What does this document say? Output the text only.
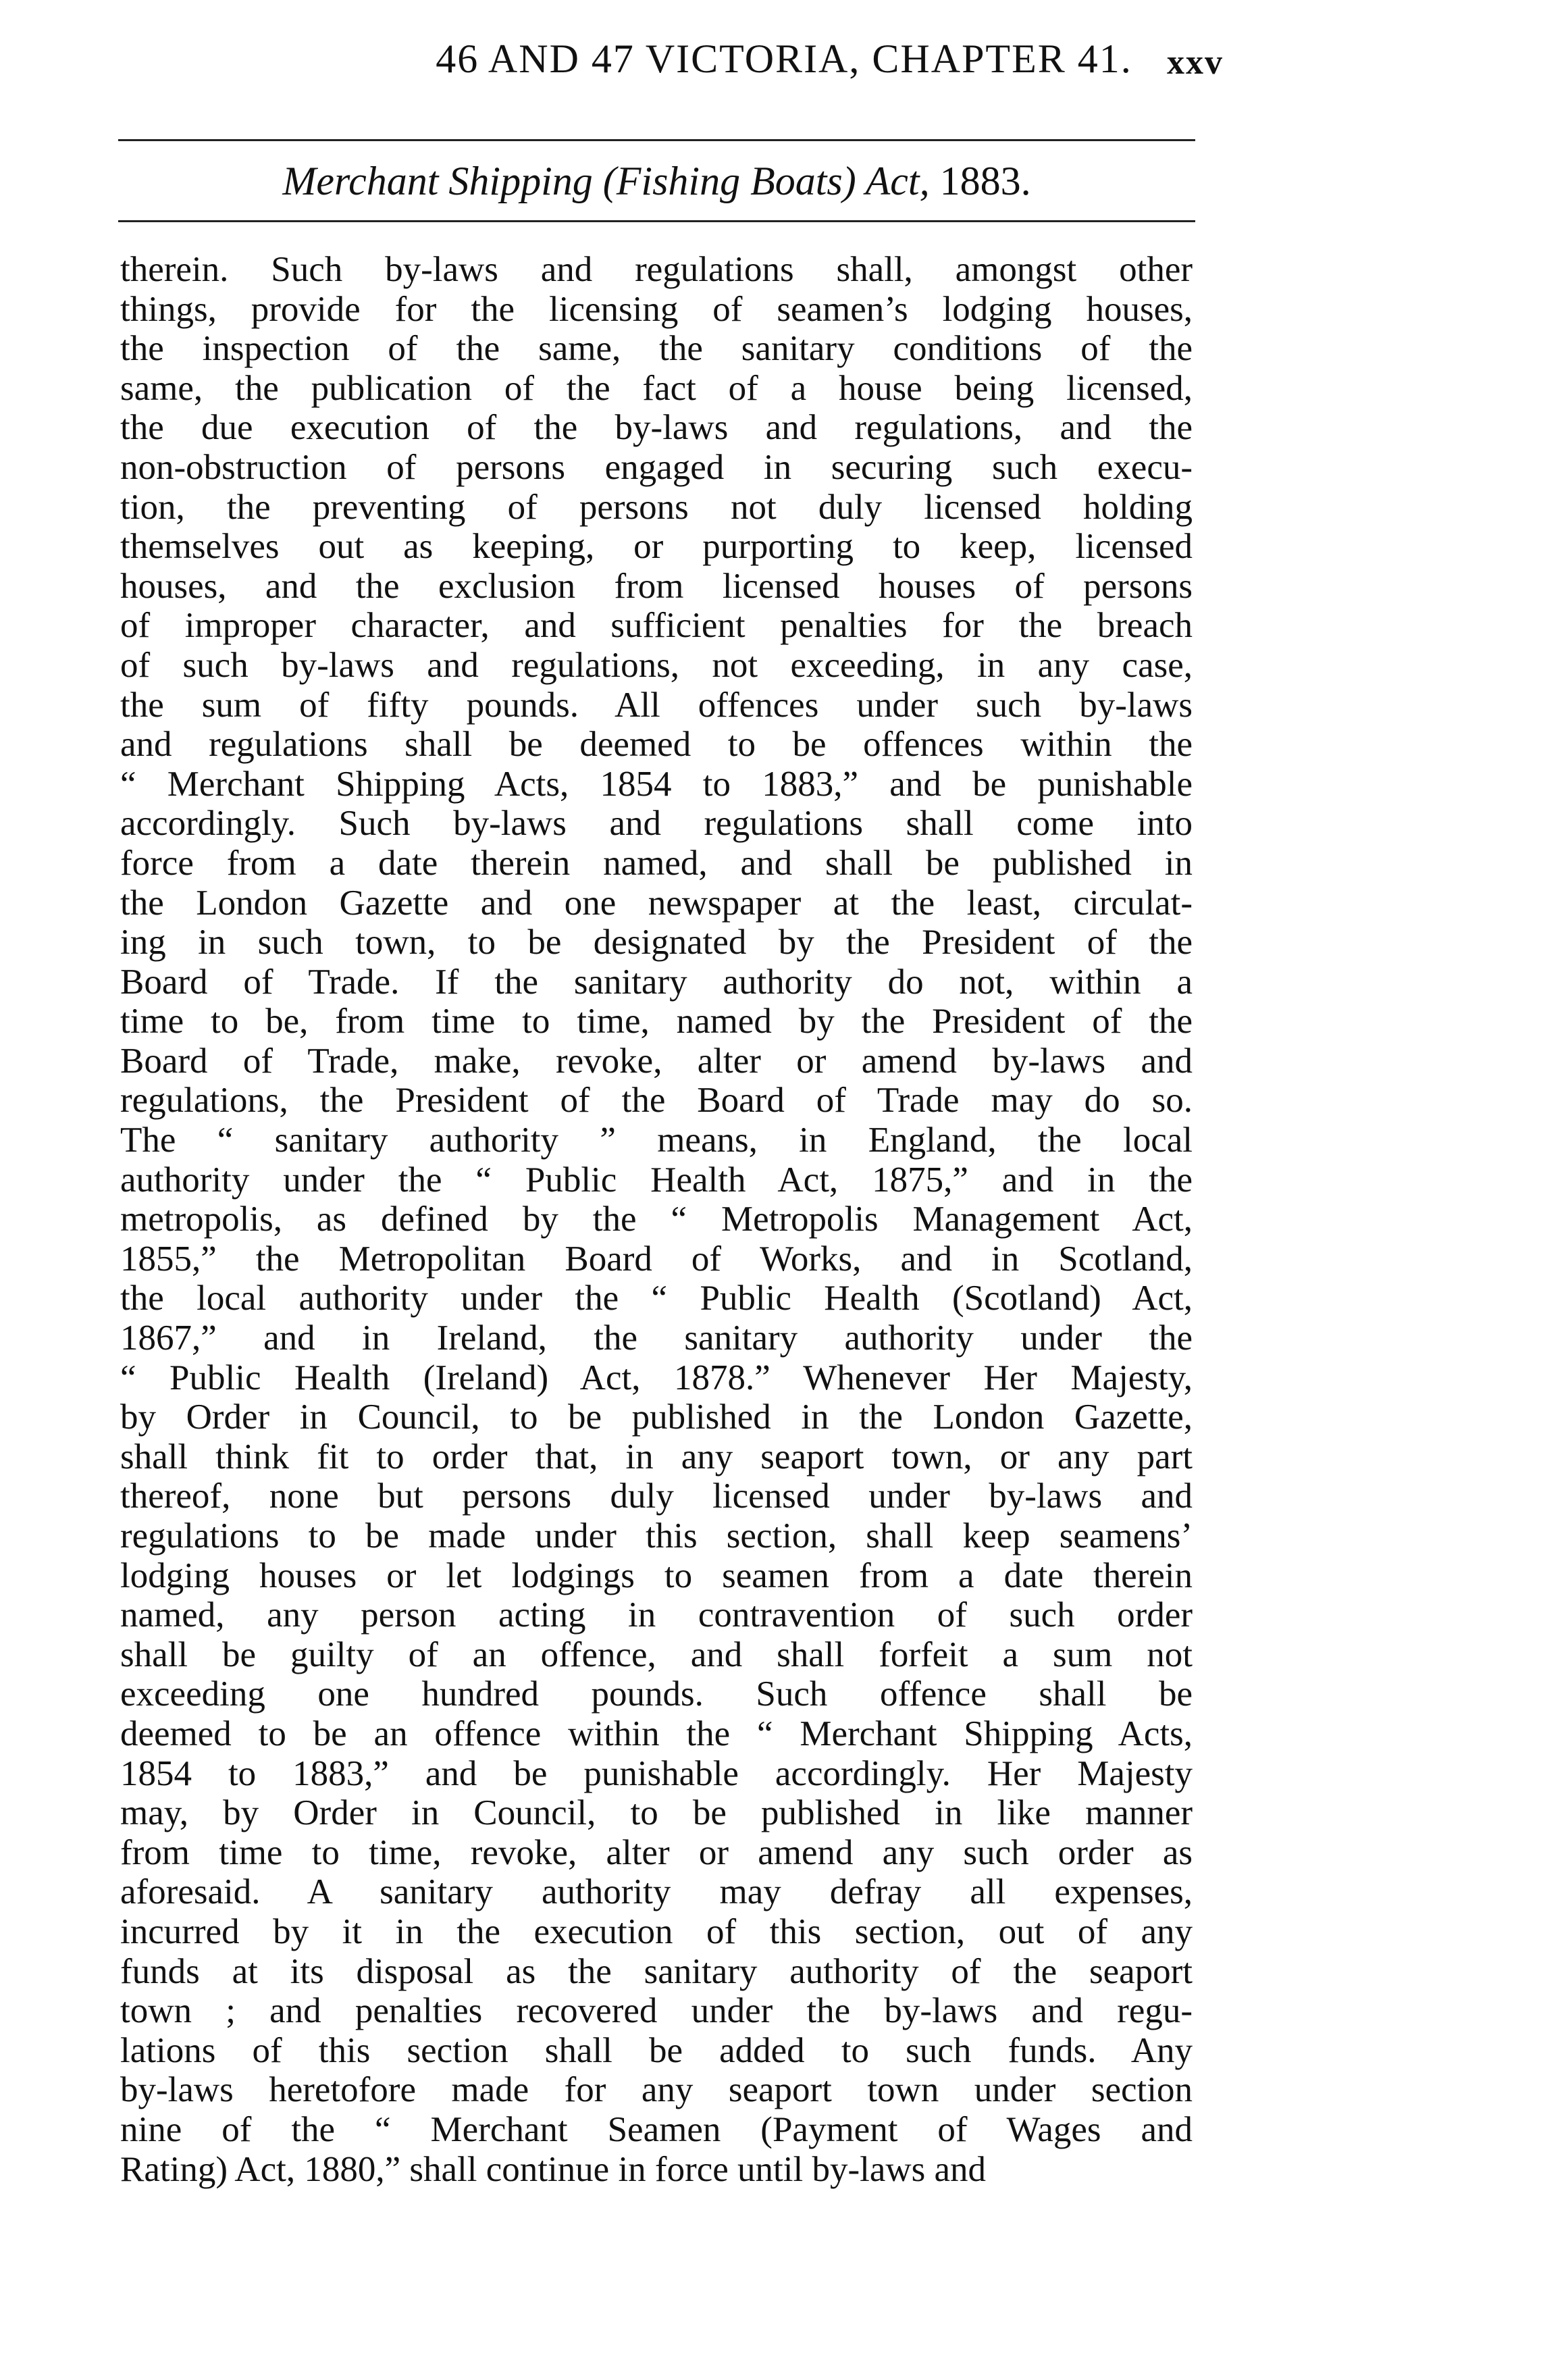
46 AND 47 VICTORIA, CHAPTER 41. xxv
Merchant Shipping (Fishing Boats) Act, 1883.
therein. Such by-laws and regulations shall, amongst other
things, provide for the licensing of seamen’s lodging houses,
the inspection of the same, the sanitary conditions of the
same, the publication of the fact of a house being licensed,
the due execution of the by-laws and regulations, and the
non-obstruction of persons engaged in securing such execu-
tion, the preventing of persons not duly licensed holding
themselves out as keeping, or purporting to keep, licensed
houses, and the exclusion from licensed houses of persons
of improper character, and sufficient penalties for the breach
of such by-laws and regulations, not exceeding, in any case,
the sum of fifty pounds. All offences under such by-laws
and regulations shall be deemed to be offences within the
“ Merchant Shipping Acts, 1854 to 1883,” and be punishable
accordingly. Such by-laws and regulations shall come into
force from a date therein named, and shall be published in
the London Gazette and one newspaper at the least, circulat-
ing in such town, to be designated by the President of the
Board of Trade. If the sanitary authority do not, within a
time to be, from time to time, named by the President of the
Board of Trade, make, revoke, alter or amend by-laws and
regulations, the President of the Board of Trade may do so.
The “ sanitary authority ” means, in England, the local
authority under the “ Public Health Act, 1875,” and in the
metropolis, as defined by the “ Metropolis Management Act,
1855,” the Metropolitan Board of Works, and in Scotland,
the local authority under the “ Public Health (Scotland) Act,
1867,” and in Ireland, the sanitary authority under the
“ Public Health (Ireland) Act, 1878.” Whenever Her Majesty,
by Order in Council, to be published in the London Gazette,
shall think fit to order that, in any seaport town, or any part
thereof, none but persons duly licensed under by-laws and
regulations to be made under this section, shall keep seamens’
lodging houses or let lodgings to seamen from a date therein
named, any person acting in contravention of such order
shall be guilty of an offence, and shall forfeit a sum not
exceeding one hundred pounds. Such offence shall be
deemed to be an offence within the “ Merchant Shipping Acts,
1854 to 1883,” and be punishable accordingly. Her Majesty
may, by Order in Council, to be published in like manner
from time to time, revoke, alter or amend any such order as
aforesaid. A sanitary authority may defray all expenses,
incurred by it in the execution of this section, out of any
funds at its disposal as the sanitary authority of the seaport
town ; and penalties recovered under the by-laws and regu-
lations of this section shall be added to such funds. Any
by-laws heretofore made for any seaport town under section
nine of the “ Merchant Seamen (Payment of Wages and
Rating) Act, 1880,” shall continue in force until by-laws and
